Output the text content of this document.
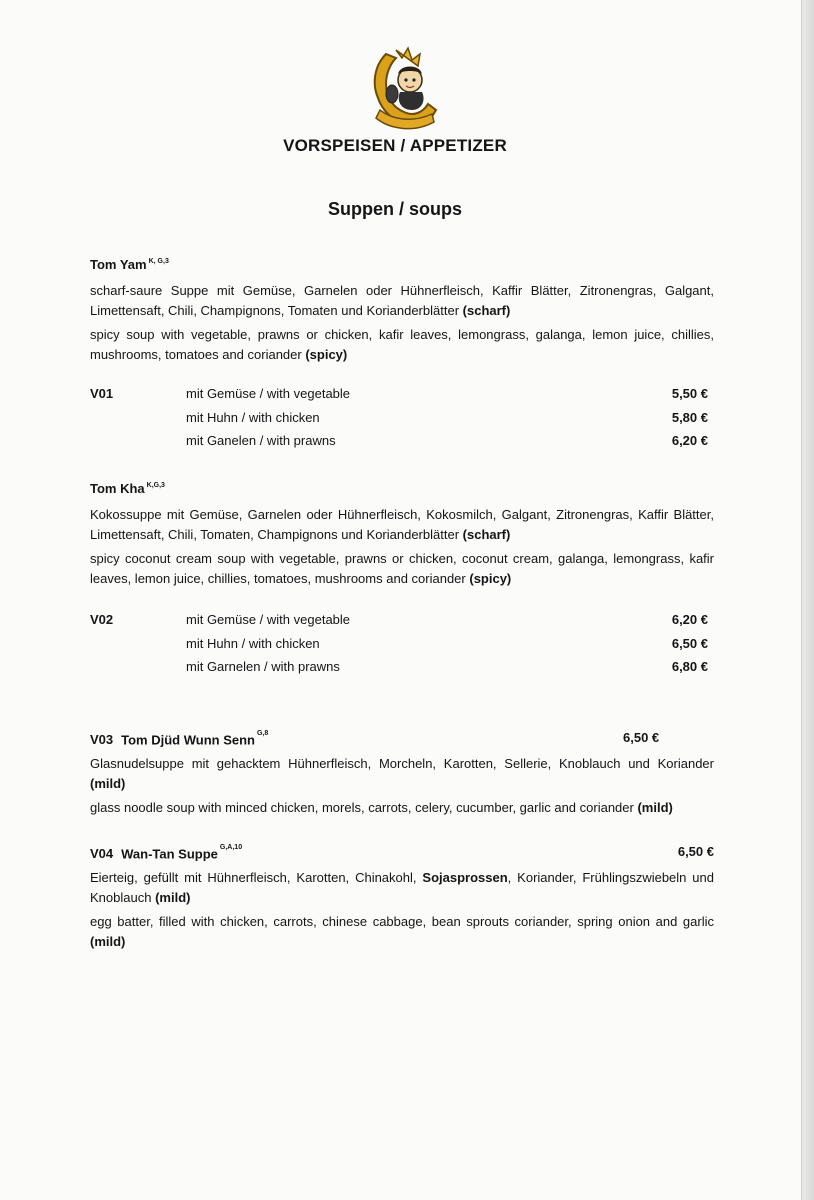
VORSPEISEN / APPETIZER
Suppen / soups
Tom Yam $^{K, G,3}$
scharf-saure Suppe mit Gemüse, Garnelen oder Hühnerfleisch, Kaffir Blätter, Zitronengras, Galgant, Limettensaft, Chili, Champignons, Tomaten und Korianderblätter (scharf)
spicy soup with vegetable, prawns or chicken, kafir leaves, lemongrass, galanga, lemon juice, chillies, mushrooms, tomatoes and coriander (spicy)
V01	mit Gemüse / with vegetable	5,50 €
mit Huhn / with chicken	5,80 €
mit Ganelen / with prawns	6,20 €
Tom Kha $^{K,G,3}$
Kokossuppe mit Gemüse, Garnelen oder Hühnerfleisch, Kokosmilch, Galgant, Zitronengras, Kaffir Blätter, Limettensaft, Chili, Tomaten, Champignons und Korianderblätter (scharf)
spicy coconut cream soup with vegetable, prawns or chicken, coconut cream, galanga, lemongrass, kafir leaves, lemon juice, chillies, tomatoes, mushrooms and coriander (spicy)
V02	mit Gemüse / with vegetable	6,20 €
mit Huhn / with chicken	6,50 €
mit Garnelen / with prawns	6,80 €
V03 Tom Djüd Wunn Senn $^{G,8}$	6,50 €
Glasnudelsuppe mit gehacktem Hühnerfleisch, Morcheln, Karotten, Sellerie, Knoblauch und Koriander (mild)
glass noodle soup with minced chicken, morels, carrots, celery, cucumber, garlic and coriander (mild)
V04 Wan-Tan Suppe $^{G,A,10}$	6,50 €
Eierteig, gefüllt mit Hühnerfleisch, Karotten, Chinakohl, Sojasprossen, Koriander, Frühlingszwiebeln und Knoblauch (mild)
egg batter, filled with chicken, carrots, chinese cabbage, bean sprouts coriander, spring onion and garlic (mild)
